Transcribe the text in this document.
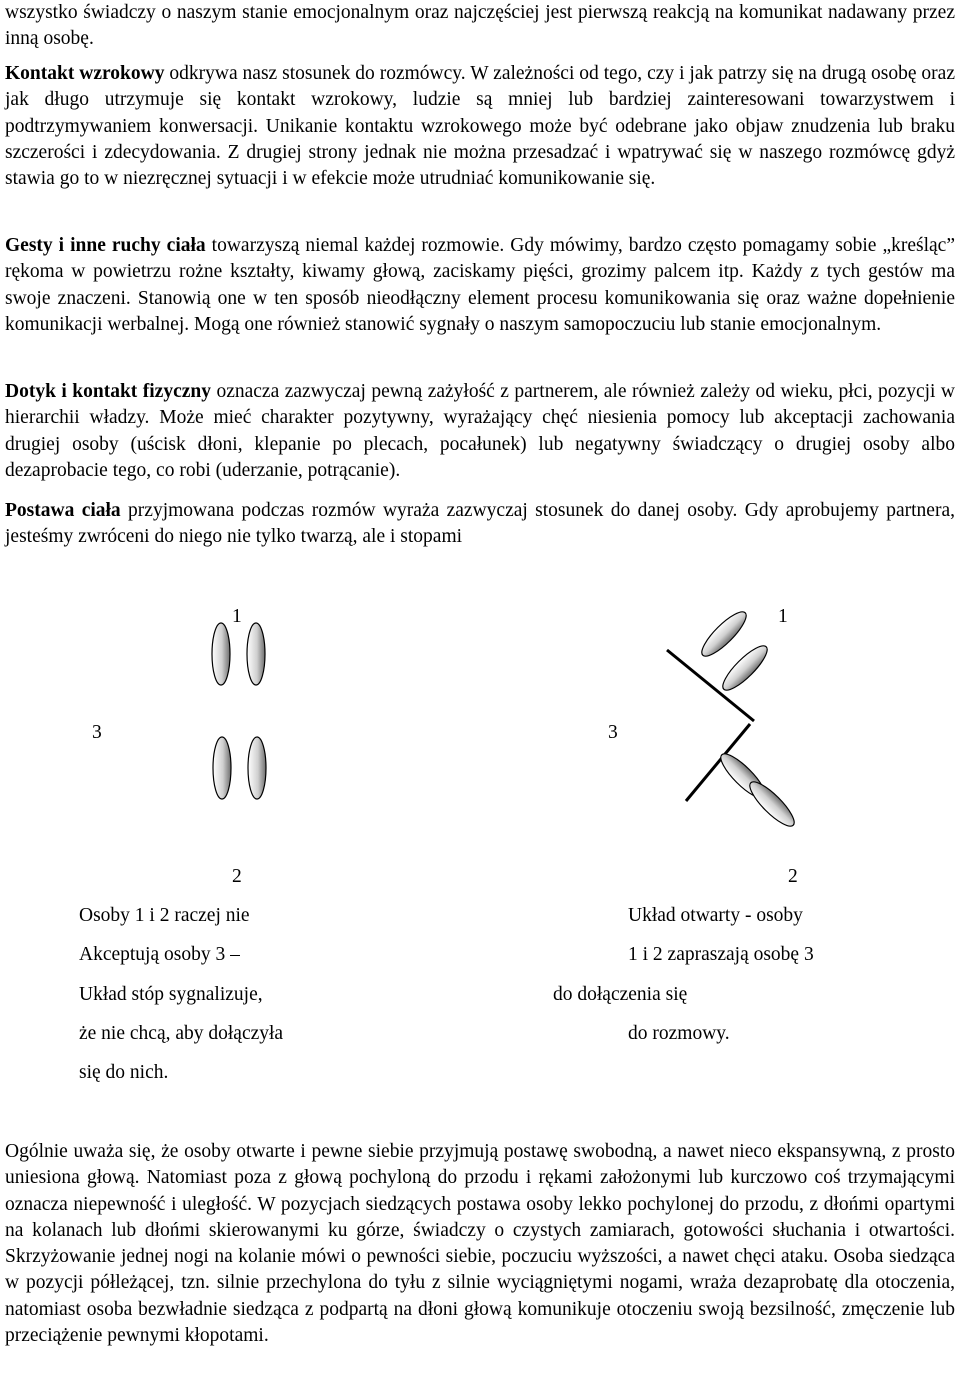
wszystko świadczy o naszym stanie emocjonalnym oraz najczęściej jest pierwszą reakcją na komunikat nadawany przez inną osobę.

Kontakt wzrokowy odkrywa nasz stosunek do rozmówcy. W zależności od tego, czy i jak patrzy się na drugą osobę oraz jak długo utrzymuje się kontakt wzrokowy, ludzie są mniej lub bardziej zainteresowani towarzystwem i podtrzymywaniem konwersacji. Unikanie kontaktu wzrokowego może być odebrane jako objaw znudzenia lub braku szczerości i zdecydowania. Z drugiej strony jednak nie można przesadzać i wpatrywać się w naszego rozmówcę gdyż stawia go to w niezręcznej sytuacji i w efekcie może utrudniać komunikowanie się.

Gesty i inne ruchy ciała towarzyszą niemal każdej rozmowie. Gdy mówimy, bardzo często pomagamy sobie „kreśląc” rękoma w powietrzu rożne kształty, kiwamy głową, zaciskamy pięści, grozimy palcem itp. Każdy z tych gestów ma swoje znaczeni. Stanowią one w ten sposób nieodłączny element procesu komunikowania się oraz ważne dopełnienie komunikacji werbalnej. Mogą one również stanowić sygnały o naszym samopoczuciu lub stanie emocjonalnym.

Dotyk i kontakt fizyczny oznacza zazwyczaj pewną zażyłość z partnerem, ale również zależy od wieku, płci, pozycji w hierarchii władzy. Może mieć charakter pozytywny, wyrażający chęć niesienia pomocy lub akceptacji zachowania drugiej osoby (uścisk dłoni, klepanie po plecach, pocałunek) lub negatywny świadczący o drugiej osoby albo dezaprobacie tego, co robi (uderzanie, potrącanie).

Postawa ciała przyjmowana podczas rozmów wyraża zazwyczaj stosunek do danej osoby. Gdy aprobujemy partnera, jesteśmy zwróceni do niego nie tylko twarzą, ale i stopami

1
3
2
1
3
2
Osoby 1 i 2 raczej nie
Akceptują osoby 3 –
Układ stóp sygnalizuje,
że nie chcą, aby dołączyła
się do nich.
Układ otwarty - osoby
1 i 2 zapraszają osobę 3
do dołączenia się
do rozmowy.

Ogólnie uważa się, że osoby otwarte i pewne siebie przyjmują postawę swobodną, a nawet nieco ekspansywną, z prosto uniesiona głową. Natomiast poza z głową pochyloną do przodu i rękami założonymi lub kurczowo coś trzymającymi oznacza niepewność i uległość. W pozycjach siedzących postawa osoby lekko pochylonej do przodu, z dłońmi opartymi na kolanach lub dłońmi skierowanymi ku górze, świadczy o czystych zamiarach, gotowości słuchania i otwartości. Skrzyżowanie jednej nogi na kolanie mówi o pewności siebie, poczuciu wyższości, a nawet chęci ataku. Osoba siedząca w pozycji półleżącej, tzn. silnie przechylona do tyłu z silnie wyciągniętymi nogami, wraża dezaprobatę dla otoczenia, natomiast osoba bezwładnie siedząca z podpartą na dłoni głową komunikuje otoczeniu swoją bezsilność, zmęczenie lub przeciążenie pewnymi kłopotami.
